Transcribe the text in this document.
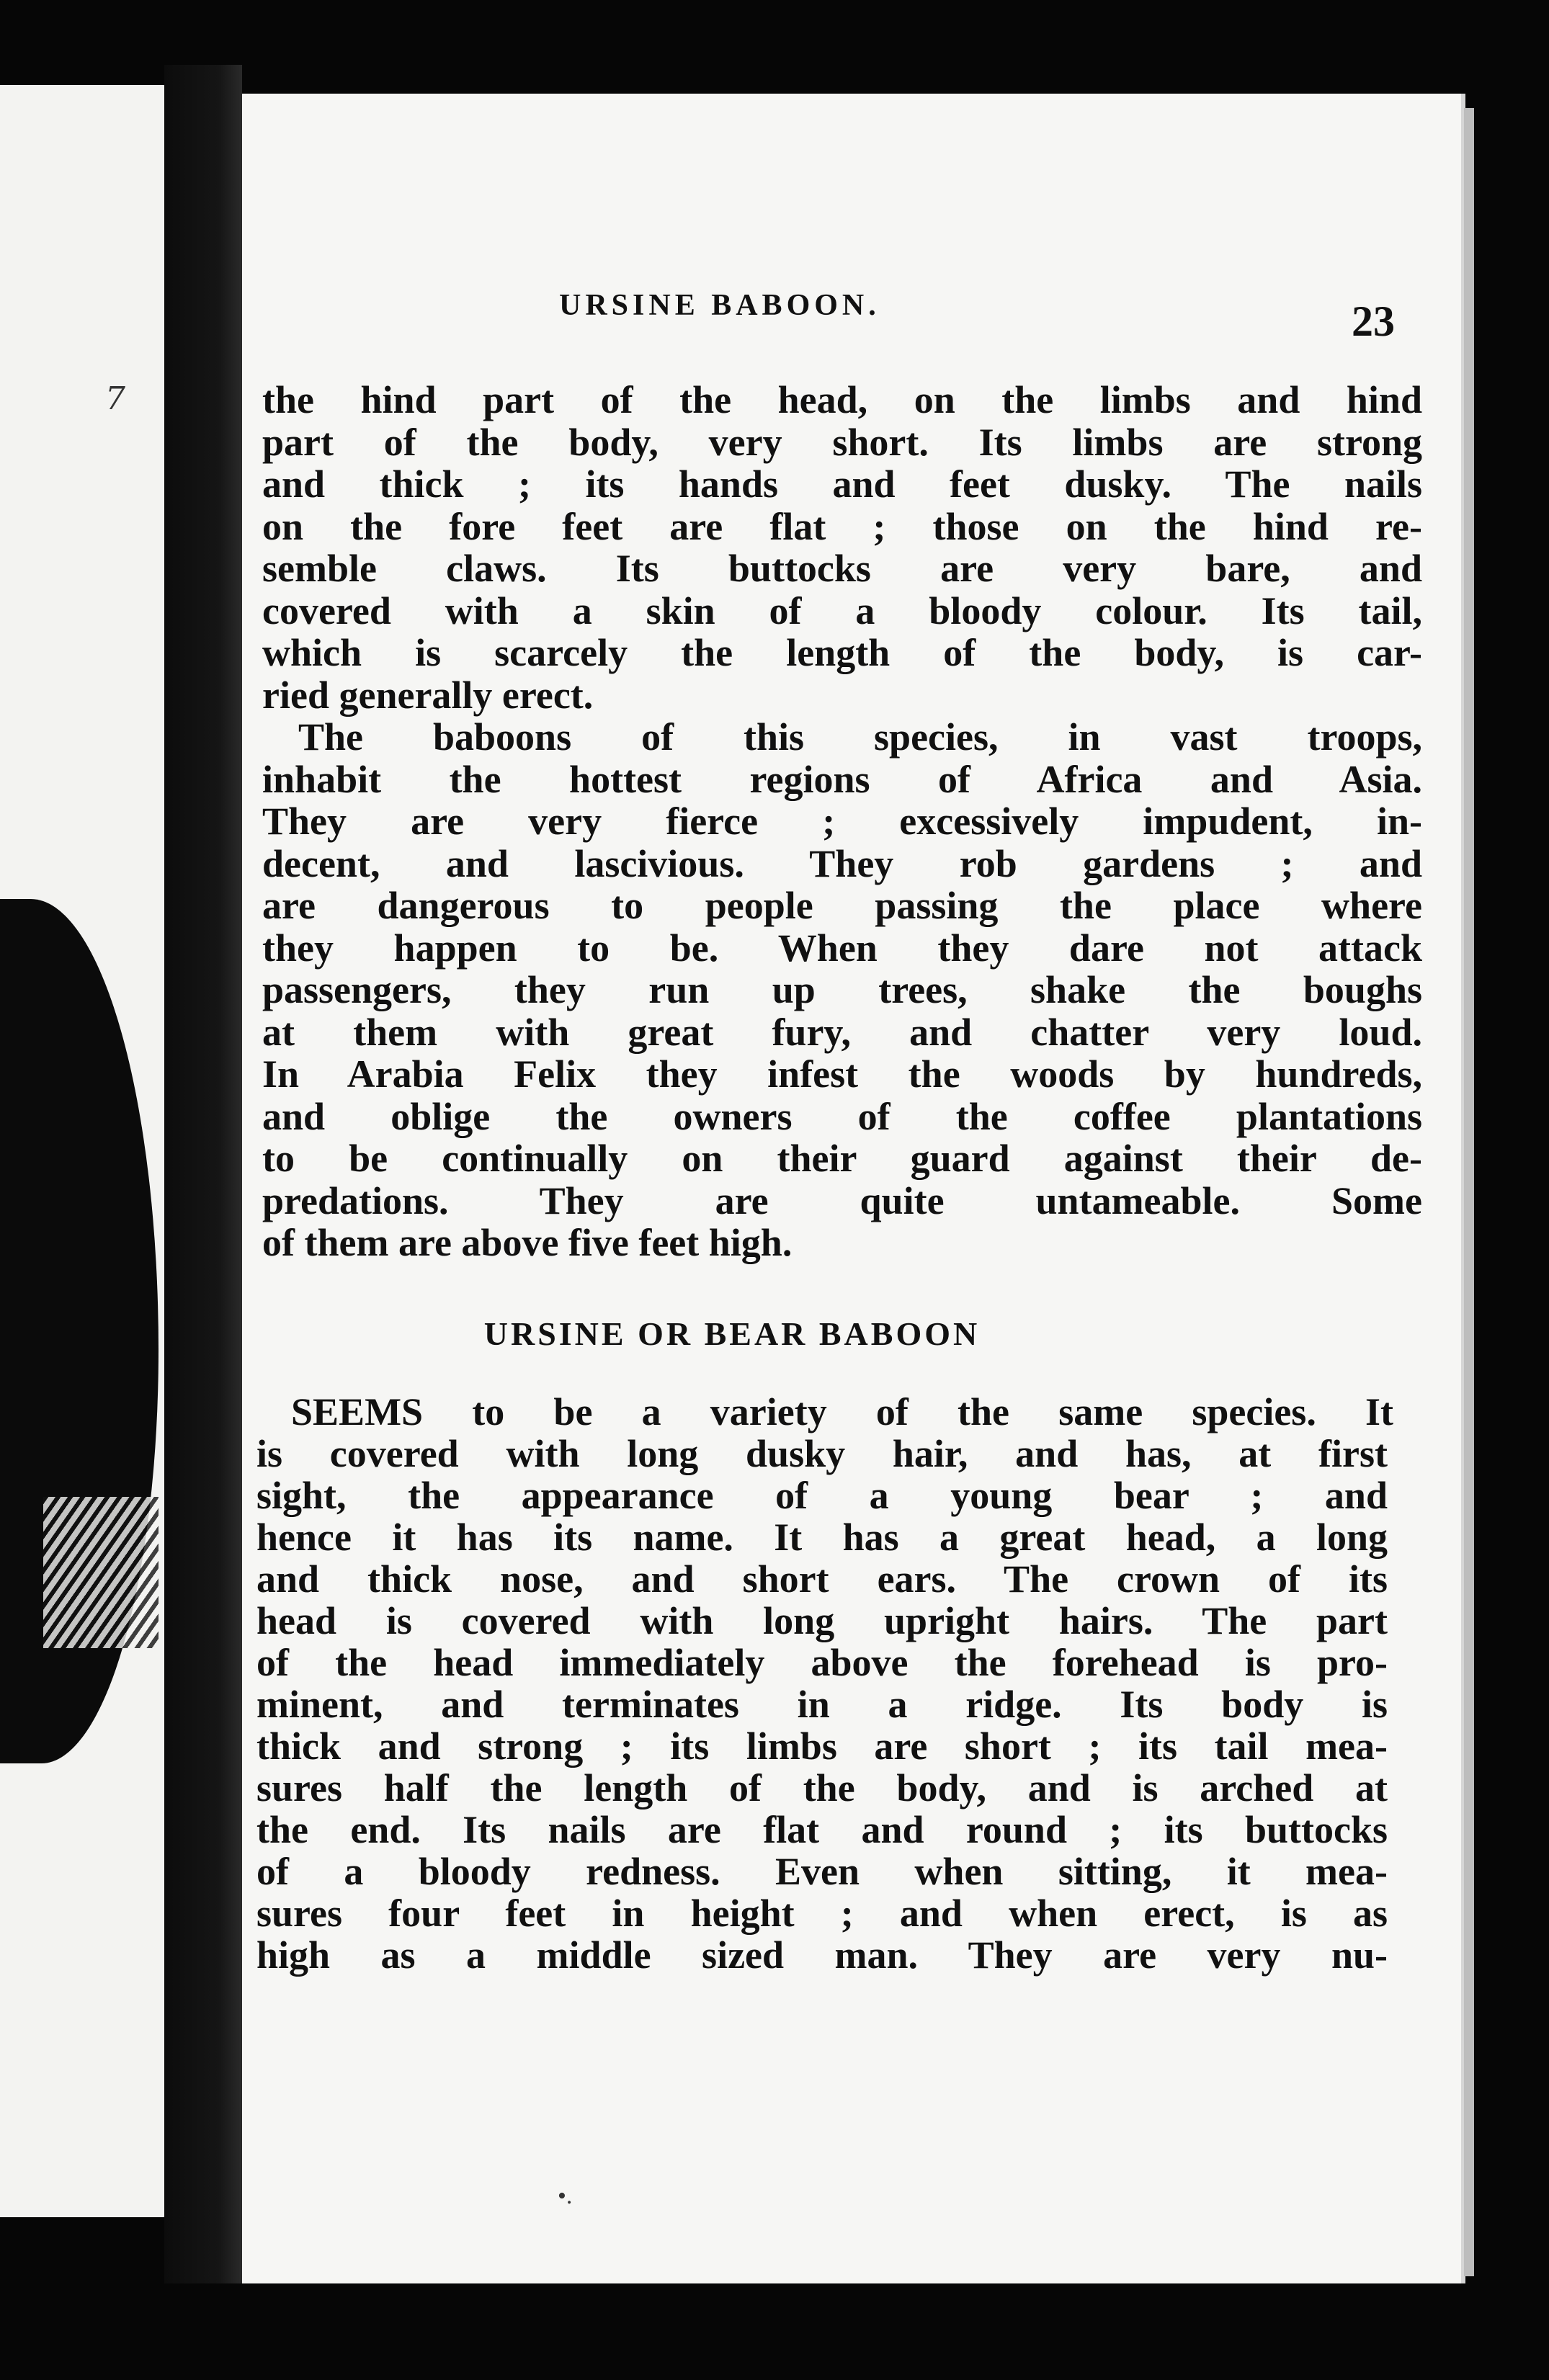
7
URSINE BABOON.	23
the hind part of the head, on the limbs and hind
part of the body, very short. Its limbs are strong
and thick ; its hands and feet dusky. The nails
on the fore feet are flat ; those on the hind re-
semble claws. Its buttocks are very bare, and
covered with a skin of a bloody colour. Its tail,
which is scarcely the length of the body, is car-
ried generally erect.
The baboons of this species, in vast troops,
inhabit the hottest regions of Africa and Asia.
They are very fierce ; excessively impudent, in-
decent, and lascivious. They rob gardens ; and
are dangerous to people passing the place where
they happen to be. When they dare not attack
passengers, they run up trees, shake the boughs
at them with great fury, and chatter very loud.
In Arabia Felix they infest the woods by hundreds,
and oblige the owners of the coffee plantations
to be continually on their guard against their de-
predations. They are quite untameable. Some
of them are above five feet high.
URSINE OR BEAR BABOON
SEEMS to be a variety of the same species. It
is covered with long dusky hair, and has, at first
sight, the appearance of a young bear ; and
hence it has its name. It has a great head, a long
and thick nose, and short ears. The crown of its
head is covered with long upright hairs. The part
of the head immediately above the forehead is pro-
minent, and terminates in a ridge. Its body is
thick and strong ; its limbs are short ; its tail mea-
sures half the length of the body, and is arched at
the end. Its nails are flat and round ; its buttocks
of a bloody redness. Even when sitting, it mea-
sures four feet in height ; and when erect, is as
high as a middle sized man. They are very nu-
•.
